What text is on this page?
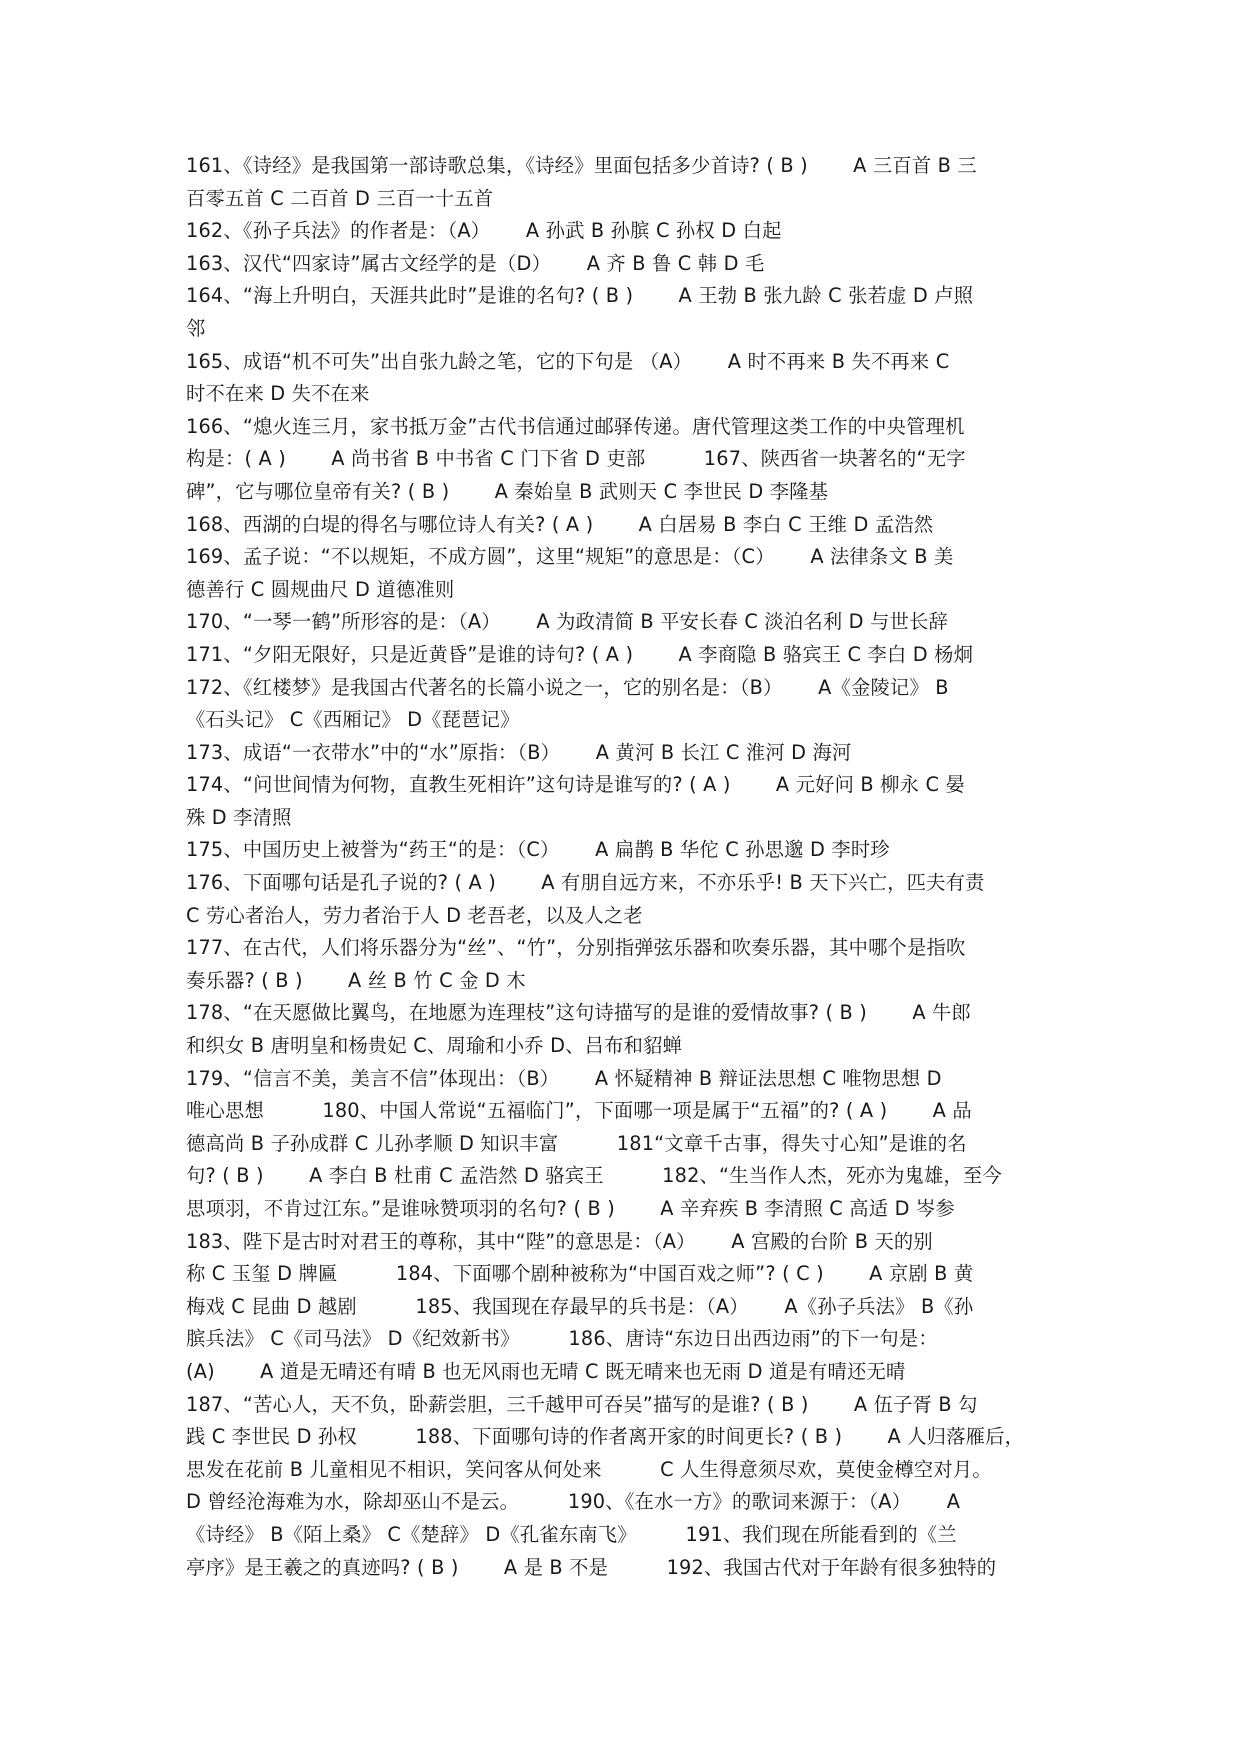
161、《诗经》是我国第一部诗歌总集，《诗经》里面包括多少首诗? ( B )　　 A 三百首 B 三
百零五首 C 二百首 D 三百一十五首
162、《孙子兵法》的作者是：（A）　　 A 孙武 B 孙膑 C 孙权 D 白起
163、汉代“四家诗”属古文经学的是（D）　　 A 齐 B 鲁 C 韩 D 毛
164、“海上升明白，天涯共此时”是谁的名句? ( B )　　 A 王勃 B 张九龄 C 张若虚 D 卢照
邻
165、成语“机不可失”出自张九龄之笔，它的下句是 （A）　　 A 时不再来 B 失不再来 C
时不在来 D 失不在来
166、“熄火连三月，家书抵万金”古代书信通过邮驿传递。唐代管理这类工作的中央管理机
构是：( A )　　 A 尚书省 B 中书省 C 门下省 D 吏部　　　167、陕西省一块著名的“无字
碑”，它与哪位皇帝有关? ( B )　　 A 秦始皇 B 武则天 C 李世民 D 李隆基
168、西湖的白堤的得名与哪位诗人有关? ( A )　　 A 白居易 B 李白 C 王维 D 孟浩然
169、孟子说：“不以规矩，不成方圆”，这里“规矩”的意思是：（C）　　 A 法律条文 B 美
德善行 C 圆规曲尺 D 道德准则
170、“一琴一鹤”所形容的是：（A）　　 A 为政清简 B 平安长春 C 淡泊名利 D 与世长辞
171、“夕阳无限好，只是近黄昏”是谁的诗句? ( A )　　 A 李商隐 B 骆宾王 C 李白 D 杨炯
172、《红楼梦》是我国古代著名的长篇小说之一，它的别名是：（B）　　 A《金陵记》 B
《石头记》 C《西厢记》 D《琵琶记》
173、成语“一衣带水”中的“水”原指：（B）　　 A 黄河 B 长江 C 淮河 D 海河
174、“问世间情为何物，直教生死相许”这句诗是谁写的? ( A )　　 A 元好问 B 柳永 C 晏
殊 D 李清照
175、中国历史上被誉为“药王“的是：（C）　　 A 扁鹊 B 华佗 C 孙思邈 D 李时珍
176、下面哪句话是孔子说的? ( A )　　 A 有朋自远方来，不亦乐乎! B 天下兴亡，匹夫有责
C 劳心者治人，劳力者治于人 D 老吾老，以及人之老
177、在古代，人们将乐器分为“丝”、“竹”，分别指弹弦乐器和吹奏乐器，其中哪个是指吹
奏乐器? ( B )　　 A 丝 B 竹 C 金 D 木
178、“在天愿做比翼鸟，在地愿为连理枝”这句诗描写的是谁的爱情故事? ( B )　　 A 牛郎
和织女 B 唐明皇和杨贵妃 C、周瑜和小乔 D、吕布和貂蝉
179、“信言不美，美言不信”体现出：（B）　　 A 怀疑精神 B 辩证法思想 C 唯物思想 D
唯心思想　　　180、中国人常说“五福临门”，下面哪一项是属于“五福”的? ( A )　　 A 品
德高尚 B 子孙成群 C 儿孙孝顺 D 知识丰富　　　181“文章千古事，得失寸心知”是谁的名
句? ( B )　　 A 李白 B 杜甫 C 孟浩然 D 骆宾王　　　182、“生当作人杰，死亦为鬼雄，至今
思项羽，不肯过江东。”是谁咏赞项羽的名句? ( B )　　 A 辛弃疾 B 李清照 C 高适 D 岑参
183、陛下是古时对君王的尊称，其中“陛”的意思是：（A）　　 A 宫殿的台阶 B 天的别
称 C 玉玺 D 牌匾　　　184、下面哪个剧种被称为“中国百戏之师”? ( C )　　 A 京剧 B 黄
梅戏 C 昆曲 D 越剧　　　185、我国现在存最早的兵书是：（A）　　 A《孙子兵法》 B《孙
膑兵法》 C《司马法》 D《纪效新书》　　　186、唐诗“东边日出西边雨”的下一句是：
(A)　　 A 道是无晴还有晴 B 也无风雨也无晴 C 既无晴来也无雨 D 道是有晴还无晴
187、“苦心人，天不负，卧薪尝胆，三千越甲可吞吴”描写的是谁? ( B )　　 A 伍子胥 B 勾
践 C 李世民 D 孙权　　　188、下面哪句诗的作者离开家的时间更长? ( B )　　 A 人归落雁后，
思发在花前 B 儿童相见不相识，笑问客从何处来　　　C 人生得意须尽欢，莫使金樽空对月。
D 曾经沧海难为水，除却巫山不是云。　　　190、《在水一方》的歌词来源于：（A）　　 A
《诗经》 B《陌上桑》 C《楚辞》 D《孔雀东南飞》　　　191、我们现在所能看到的《兰
亭序》是王羲之的真迹吗? ( B )　　 A 是 B 不是　　　192、我国古代对于年龄有很多独特的
